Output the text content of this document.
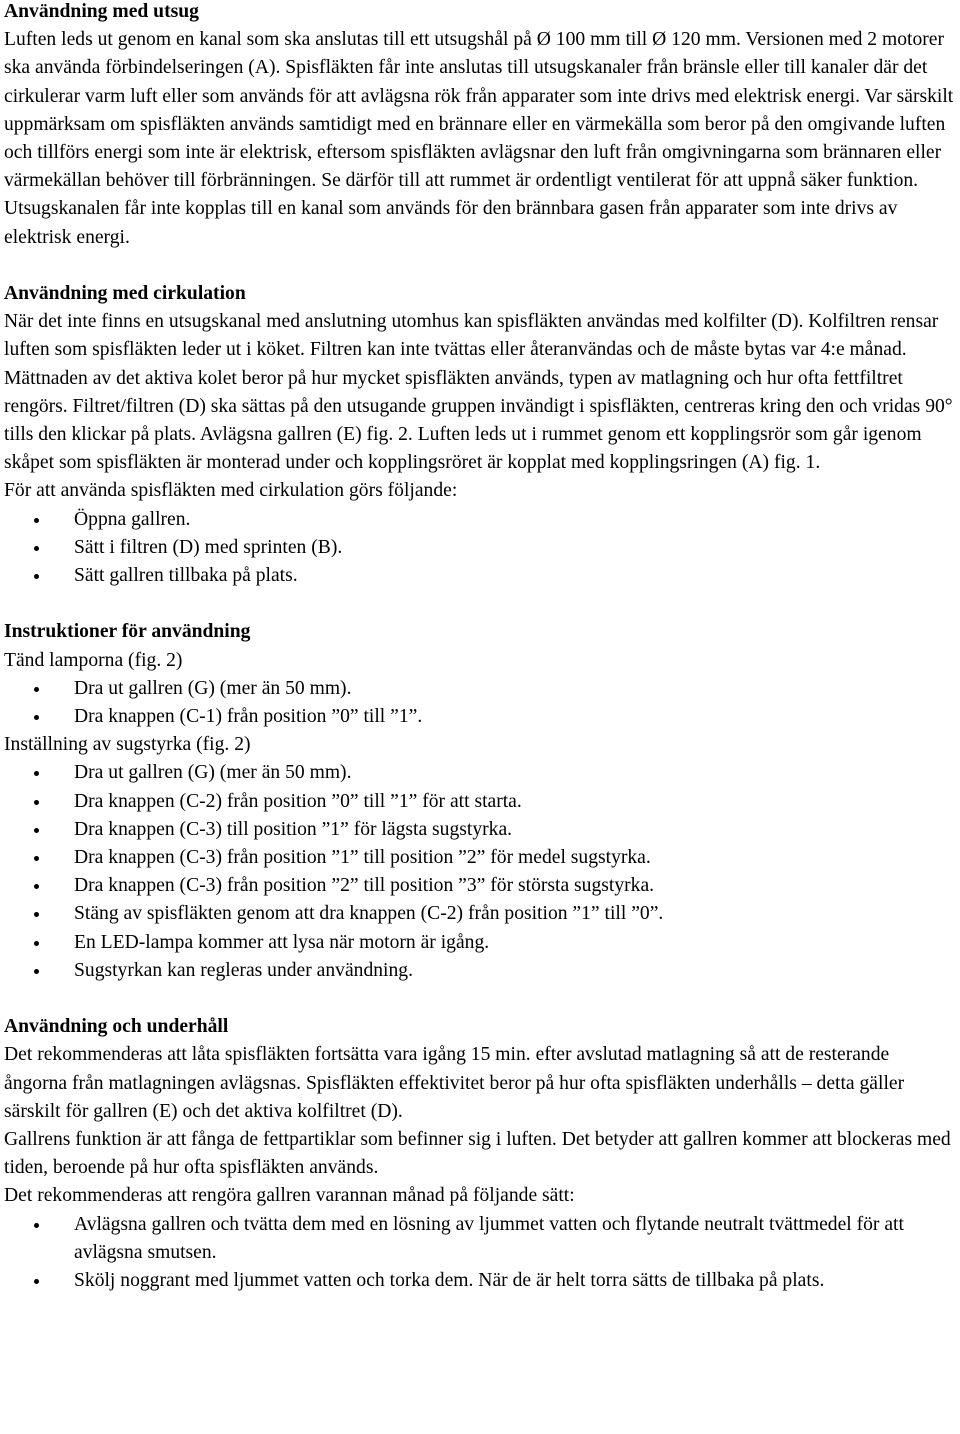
Användning med utsug

Luften leds ut genom en kanal som ska anslutas till ett utsugshål på Ø 100 mm till Ø 120 mm. Versionen med 2 motorer ska använda förbindelseringen (A). Spisfläkten får inte anslutas till utsugskanaler från bränsle eller till kanaler där det cirkulerar varm luft eller som används för att avlägsna rök från apparater som inte drivs med elektrisk energi. Var särskilt uppmärksam om spisfläkten används samtidigt med en brännare eller en värmekälla som beror på den omgivande luften och tillförs energi som inte är elektrisk, eftersom spisfläkten avlägsnar den luft från omgivningarna som brännaren eller värmekällan behöver till förbränningen. Se därför till att rummet är ordentligt ventilerat för att uppnå säker funktion. Utsugskanalen får inte kopplas till en kanal som används för den brännbara gasen från apparater som inte drivs av elektrisk energi.

Användning med cirkulation

När det inte finns en utsugskanal med anslutning utomhus kan spisfläkten användas med kolfilter (D). Kolfiltren rensar luften som spisfläkten leder ut i köket. Filtren kan inte tvättas eller återanvändas och de måste bytas var 4:e månad. Mättnaden av det aktiva kolet beror på hur mycket spisfläkten används, typen av matlagning och hur ofta fettfiltret rengörs. Filtret/filtren (D) ska sättas på den utsugande gruppen invändigt i spisfläkten, centreras kring den och vridas 90° tills den klickar på plats. Avlägsna gallren (E) fig. 2. Luften leds ut i rummet genom ett kopplingsrör som går igenom skåpet som spisfläkten är monterad under och kopplingsröret är kopplat med kopplingsringen (A) fig. 1.

För att använda spisfläkten med cirkulation görs följande:

Öppna gallren.
Sätt i filtren (D) med sprinten (B).
Sätt gallren tillbaka på plats.
Instruktioner för användning

Tänd lamporna (fig. 2)

Dra ut gallren (G) (mer än 50 mm).
Dra knappen (C-1) från position ”0” till ”1”.

Inställning av sugstyrka (fig. 2)

Dra ut gallren (G) (mer än 50 mm).
Dra knappen (C-2) från position ”0” till ”1” för att starta.
Dra knappen (C-3) till position ”1” för lägsta sugstyrka.
Dra knappen (C-3) från position ”1” till position ”2” för medel sugstyrka.
Dra knappen (C-3) från position ”2” till position ”3” för största sugstyrka.
Stäng av spisfläkten genom att dra knappen (C-2) från position ”1” till ”0”.
En LED-lampa kommer att lysa när motorn är igång.
Sugstyrkan kan regleras under användning.
Användning och underhåll

Det rekommenderas att låta spisfläkten fortsätta vara igång 15 min. efter avslutad matlagning så att de resterande ångorna från matlagningen avlägsnas. Spisfläkten effektivitet beror på hur ofta spisfläkten underhålls – detta gäller särskilt för gallren (E) och det aktiva kolfiltret (D).

Gallrens funktion är att fånga de fettpartiklar som befinner sig i luften. Det betyder att gallren kommer att blockeras med tiden, beroende på hur ofta spisfläkten används.

Det rekommenderas att rengöra gallren varannan månad på följande sätt:

Avlägsna gallren och tvätta dem med en lösning av ljummet vatten och flytande neutralt tvättmedel för att avlägsna smutsen.
Skölj noggrant med ljummet vatten och torka dem. När de är helt torra sätts de tillbaka på plats.
